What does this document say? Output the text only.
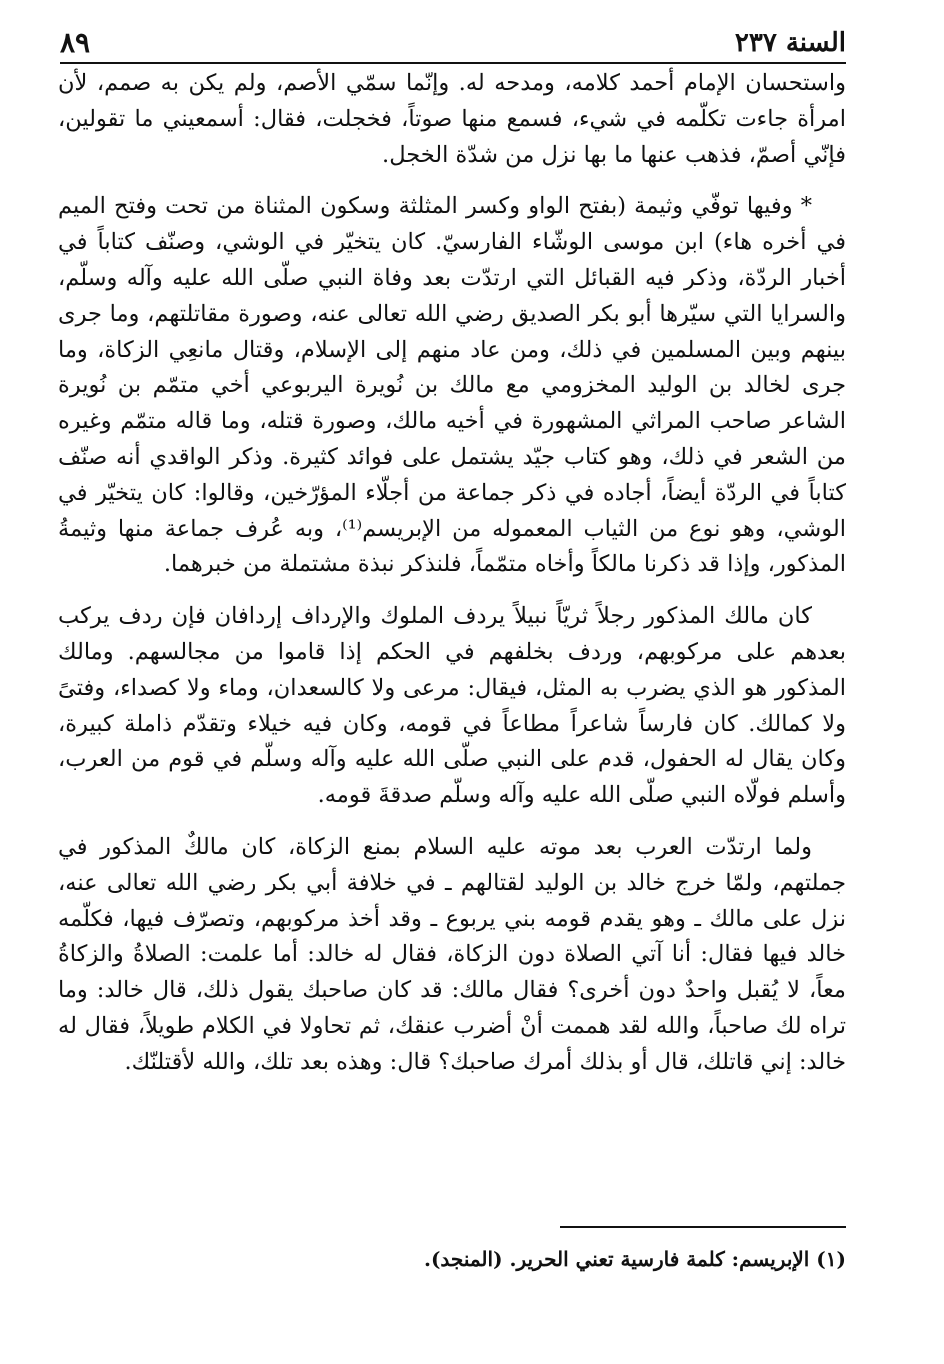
السنة ٢٣٧
٨٩

واستحسان الإمام أحمد كلامه، ومدحه له. وإنّما سمّي الأصم، ولم يكن به صمم، لأن امرأة جاءت تكلّمه في شيء، فسمع منها صوتاً، فخجلت، فقال: أسمعيني ما تقولين، فإنّي أصمّ، فذهب عنها ما بها نزل من شدّة الخجل.

* وفيها توفّي وثيمة (بفتح الواو وكسر المثلثة وسكون المثناة من تحت وفتح الميم في أخره هاء) ابن موسى الوشّاء الفارسيّ. كان يتخيّر في الوشي، وصنّف كتاباً في أخبار الردّة، وذكر فيه القبائل التي ارتدّت بعد وفاة النبي صلّى الله عليه وآله وسلّم، والسرايا التي سيّرها أبو بكر الصديق رضي الله تعالى عنه، وصورة مقاتلتهم، وما جرى بينهم وبين المسلمين في ذلك، ومن عاد منهم إلى الإسلام، وقتال مانعِي الزكاة، وما جرى لخالد بن الوليد المخزومي مع مالك بن نُويرة اليربوعي أخي متمّم بن نُويرة الشاعر صاحب المراثي المشهورة في أخيه مالك، وصورة قتله، وما قاله متمّم وغيره من الشعر في ذلك، وهو كتاب جيّد يشتمل على فوائد كثيرة. وذكر الواقدي أنه صنّف كتاباً في الردّة أيضاً، أجاده في ذكر جماعة من أجلّاء المؤرّخين، وقالوا: كان يتخيّر في الوشي، وهو نوع من الثياب المعموله من الإبريسم⁽¹⁾، وبه عُرف جماعة منها وثيمةُ المذكور، وإذا قد ذكرنا مالكاً وأخاه متمّماً، فلنذكر نبذة مشتملة من خبرهما.

كان مالك المذكور رجلاً ثريّاً نبيلاً يردف الملوك والإرداف إردافان فإن ردف يركب بعدهم على مركوبهم، وردف بخلفهم في الحكم إذا قاموا من مجالسهم. ومالك المذكور هو الذي يضرب به المثل، فيقال: مرعى ولا كالسعدان، وماء ولا كصداء، وفتىً ولا كمالك. كان فارساً شاعراً مطاعاً في قومه، وكان فيه خيلاء وتقدّم ذاملة كبيرة، وكان يقال له الحفول، قدم على النبي صلّى الله عليه وآله وسلّم في قوم من العرب، وأسلم فولّاه النبي صلّى الله عليه وآله وسلّم صدقةَ قومه.

ولما ارتدّت العرب بعد موته عليه السلام بمنع الزكاة، كان مالكٌ المذكور في جملتهم، ولمّا خرج خالد بن الوليد لقتالهم ـ في خلافة أبي بكر رضي الله تعالى عنه، نزل على مالك ـ وهو يقدم قومه بني يربوع ـ وقد أخذ مركوبهم، وتصرّف فيها، فكلّمه خالد فيها فقال: أنا آتي الصلاة دون الزكاة، فقال له خالد: أما علمت: الصلاةُ والزكاةُ معاً، لا يُقبل واحدٌ دون أخرى؟ فقال مالك: قد كان صاحبك يقول ذلك، قال خالد: وما تراه لك صاحباً، والله لقد هممت أنْ أضرب عنقك، ثم تحاولا في الكلام طويلاً، فقال له خالد: إني قاتلك، قال أو بذلك أمرك صاحبك؟ قال: وهذه بعد تلك، والله لأقتلنّك.

(١) الإبريسم: كلمة فارسية تعني الحرير. (المنجد).
